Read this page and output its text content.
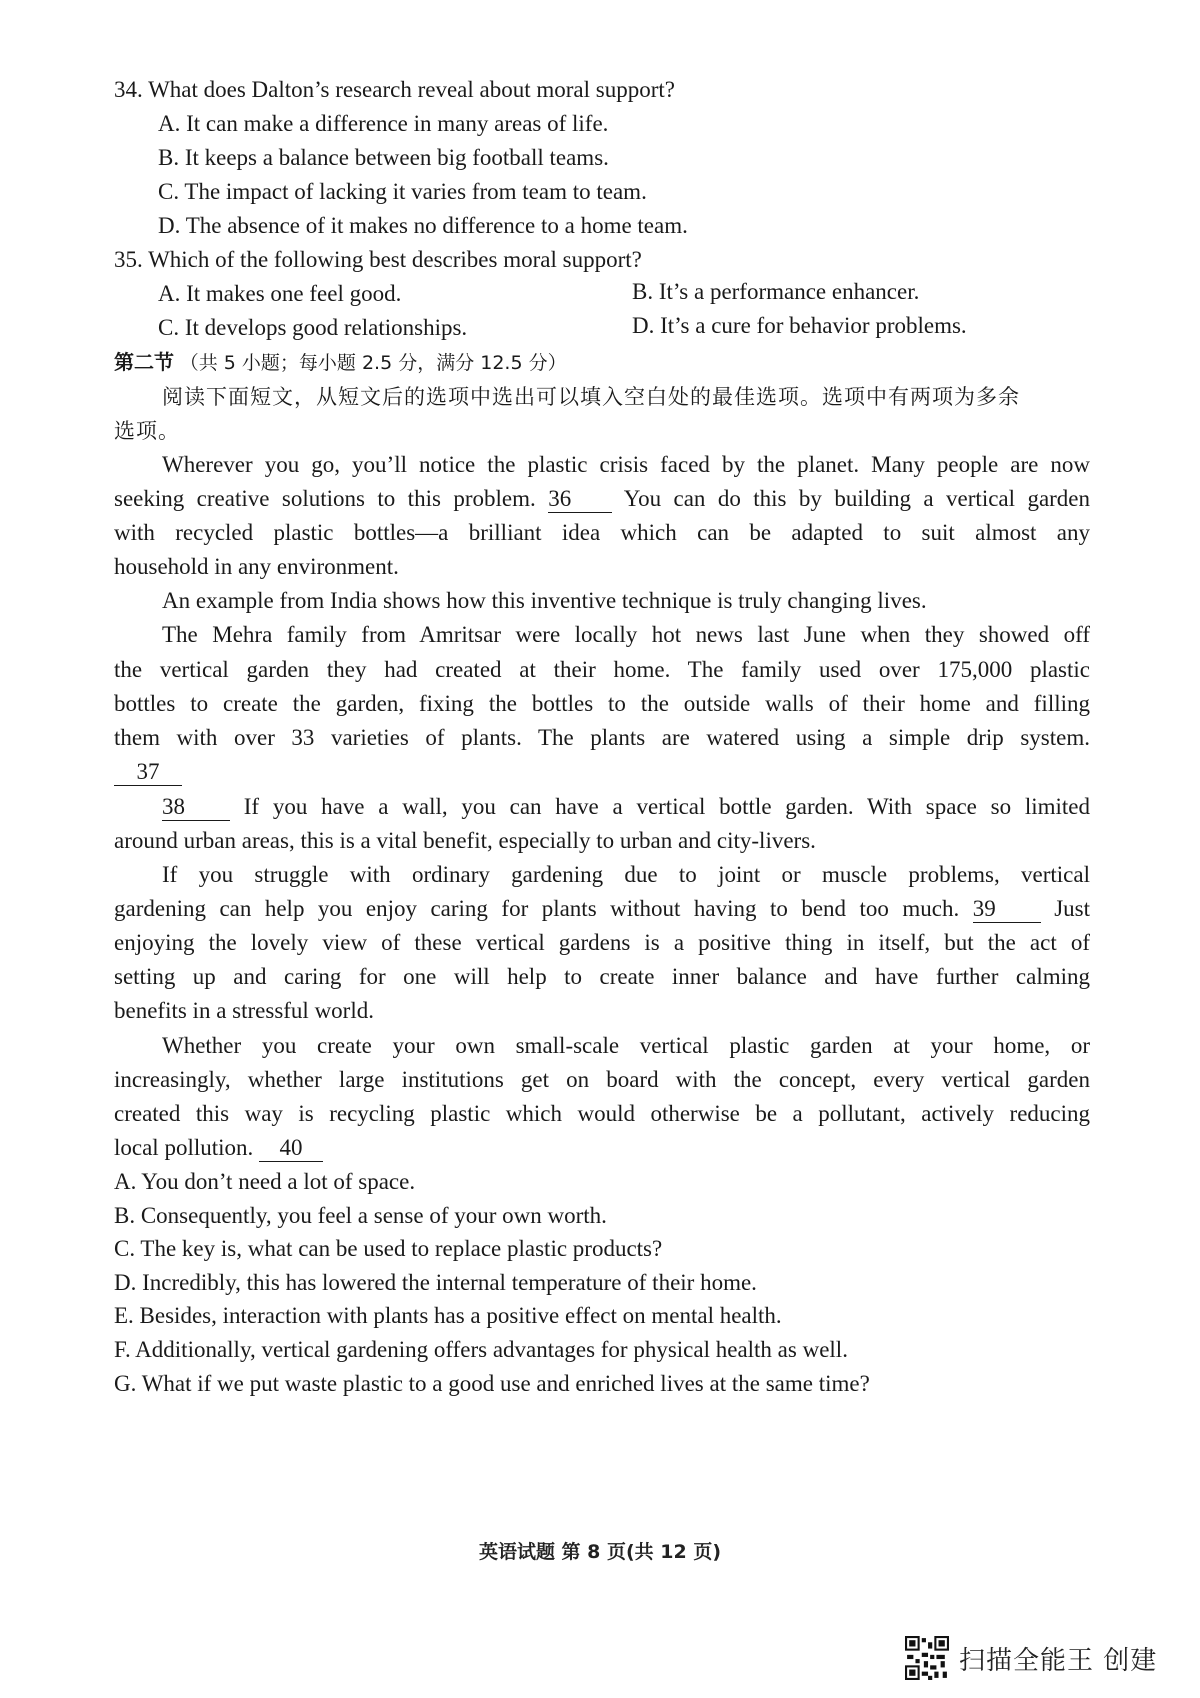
34. What does Dalton’s research reveal about moral support?
A. It can make a difference in many areas of life.
B. It keeps a balance between big football teams.
C. The impact of lacking it varies from team to team.
D. The absence of it makes no difference to a home team.
35. Which of the following best describes moral support?
A. It makes one feel good.	B. It’s a performance enhancer.
C. It develops good relationships.	D. It’s a cure for behavior problems.
第二节 （共 5 小题；每小题 2.5 分，满分 12.5 分）
阅读下面短文，从短文后的选项中选出可以填入空白处的最佳选项。选项中有两项为多余
选项。
Wherever you go, you’ll notice the plastic crisis faced by the planet. Many people are now
seeking creative solutions to this problem. 36 You can do this by building a vertical garden
with recycled plastic bottles—a brilliant idea which can be adapted to suit almost any
household in any environment.
An example from India shows how this inventive technique is truly changing lives.
The Mehra family from Amritsar were locally hot news last June when they showed off
the vertical garden they had created at their home. The family used over 175,000 plastic
bottles to create the garden, fixing the bottles to the outside walls of their home and filling
them with over 33 varieties of plants. The plants are watered using a simple drip system.
37
38	If you have a wall, you can have a vertical bottle garden. With space so limited
around urban areas, this is a vital benefit, especially to urban and city-livers.
If you struggle with ordinary gardening due to joint or muscle problems, vertical
gardening can help you enjoy caring for plants without having to bend too much. 39	Just
enjoying the lovely view of these vertical gardens is a positive thing in itself, but the act of
setting up and caring for one will help to create inner balance and have further calming
benefits in a stressful world.
Whether you create your own small-scale vertical plastic garden at your home, or
increasingly, whether large institutions get on board with the concept, every vertical garden
created this way is recycling plastic which would otherwise be a pollutant, actively reducing
local pollution. 40
A. You don’t need a lot of space.
B. Consequently, you feel a sense of your own worth.
C. The key is, what can be used to replace plastic products?
D. Incredibly, this has lowered the internal temperature of their home.
E. Besides, interaction with plants has a positive effect on mental health.
F. Additionally, vertical gardening offers advantages for physical health as well.
G. What if we put waste plastic to a good use and enriched lives at the same time?
英语试题 第 8 页(共 12 页)
扫描全能王 创建
